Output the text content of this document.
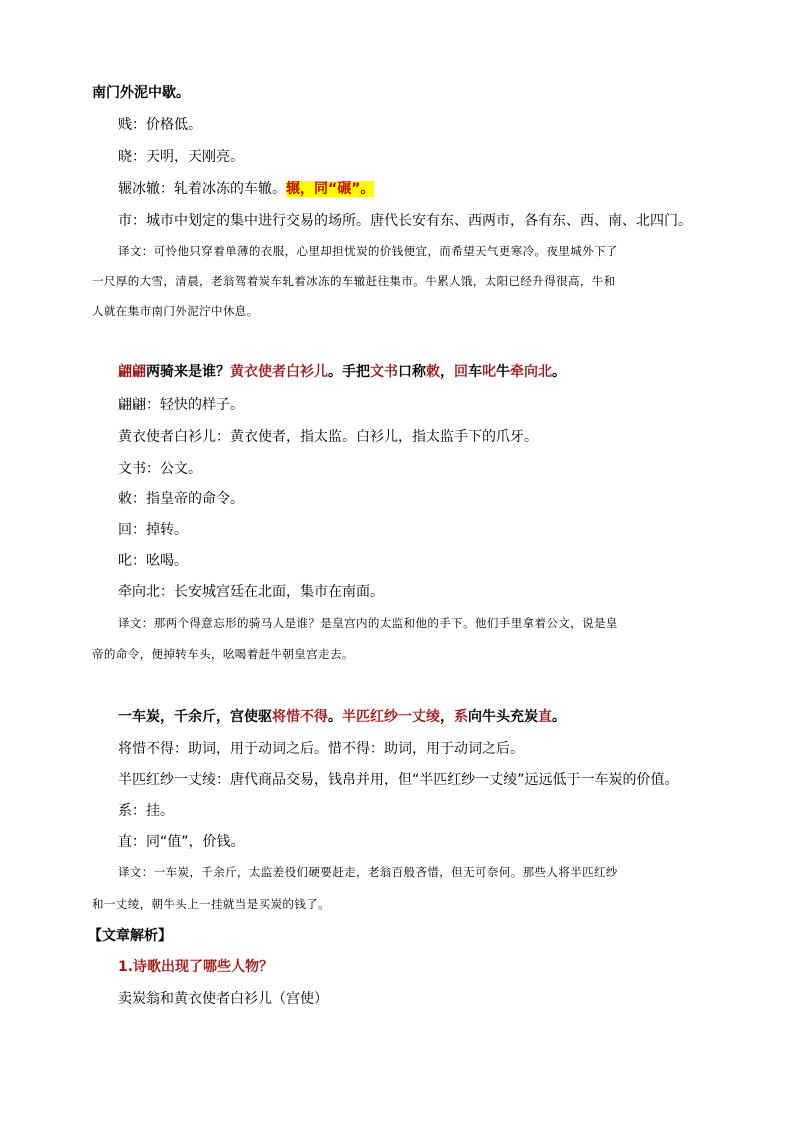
南门外泥中歇。
贱：价格低。
晓：天明，天刚亮。
辗冰辙：轧着冰冻的车辙。辗，同“碾”。
市：城市中划定的集中进行交易的场所。唐代长安有东、西两市，各有东、西、南、北四门。
译文：可怜他只穿着单薄的衣服，心里却担忧炭的价钱便宜，而希望天气更寒冷。夜里城外下了
一尺厚的大雪，清晨，老翁驾着炭车轧着冰冻的车辙赶往集市。牛累人饿，太阳已经升得很高，牛和
人就在集市南门外泥泞中休息。
翩翩两骑来是谁？黄衣使者白衫儿。手把文书口称敕，回车叱牛牵向北。
翩翩：轻快的样子。
黄衣使者白衫儿：黄衣使者，指太监。白衫儿，指太监手下的爪牙。
文书：公文。
敕：指皇帝的命令。
回：掉转。
叱：吆喝。
牵向北：长安城宫廷在北面，集市在南面。
译文：那两个得意忘形的骑马人是谁？是皇宫内的太监和他的手下。他们手里拿着公文，说是皇
帝的命令，便掉转车头，吆喝着赶牛朝皇宫走去。
一车炭，千余斤，宫使驱将惜不得。半匹红纱一丈绫，系向牛头充炭直。
将惜不得：助词，用于动词之后。惜不得：助词，用于动词之后。
半匹红纱一丈绫：唐代商品交易，钱帛并用，但“半匹红纱一丈绫”远远低于一车炭的价值。
系：挂。
直：同“值”，价钱。
译文：一车炭，千余斤，太监差役们硬要赶走，老翁百般吝惜，但无可奈何。那些人将半匹红纱
和一丈绫，朝牛头上一挂就当是买炭的钱了。
【文章解析】
1.诗歌出现了哪些人物？
卖炭翁和黄衣使者白衫儿（宫使）
